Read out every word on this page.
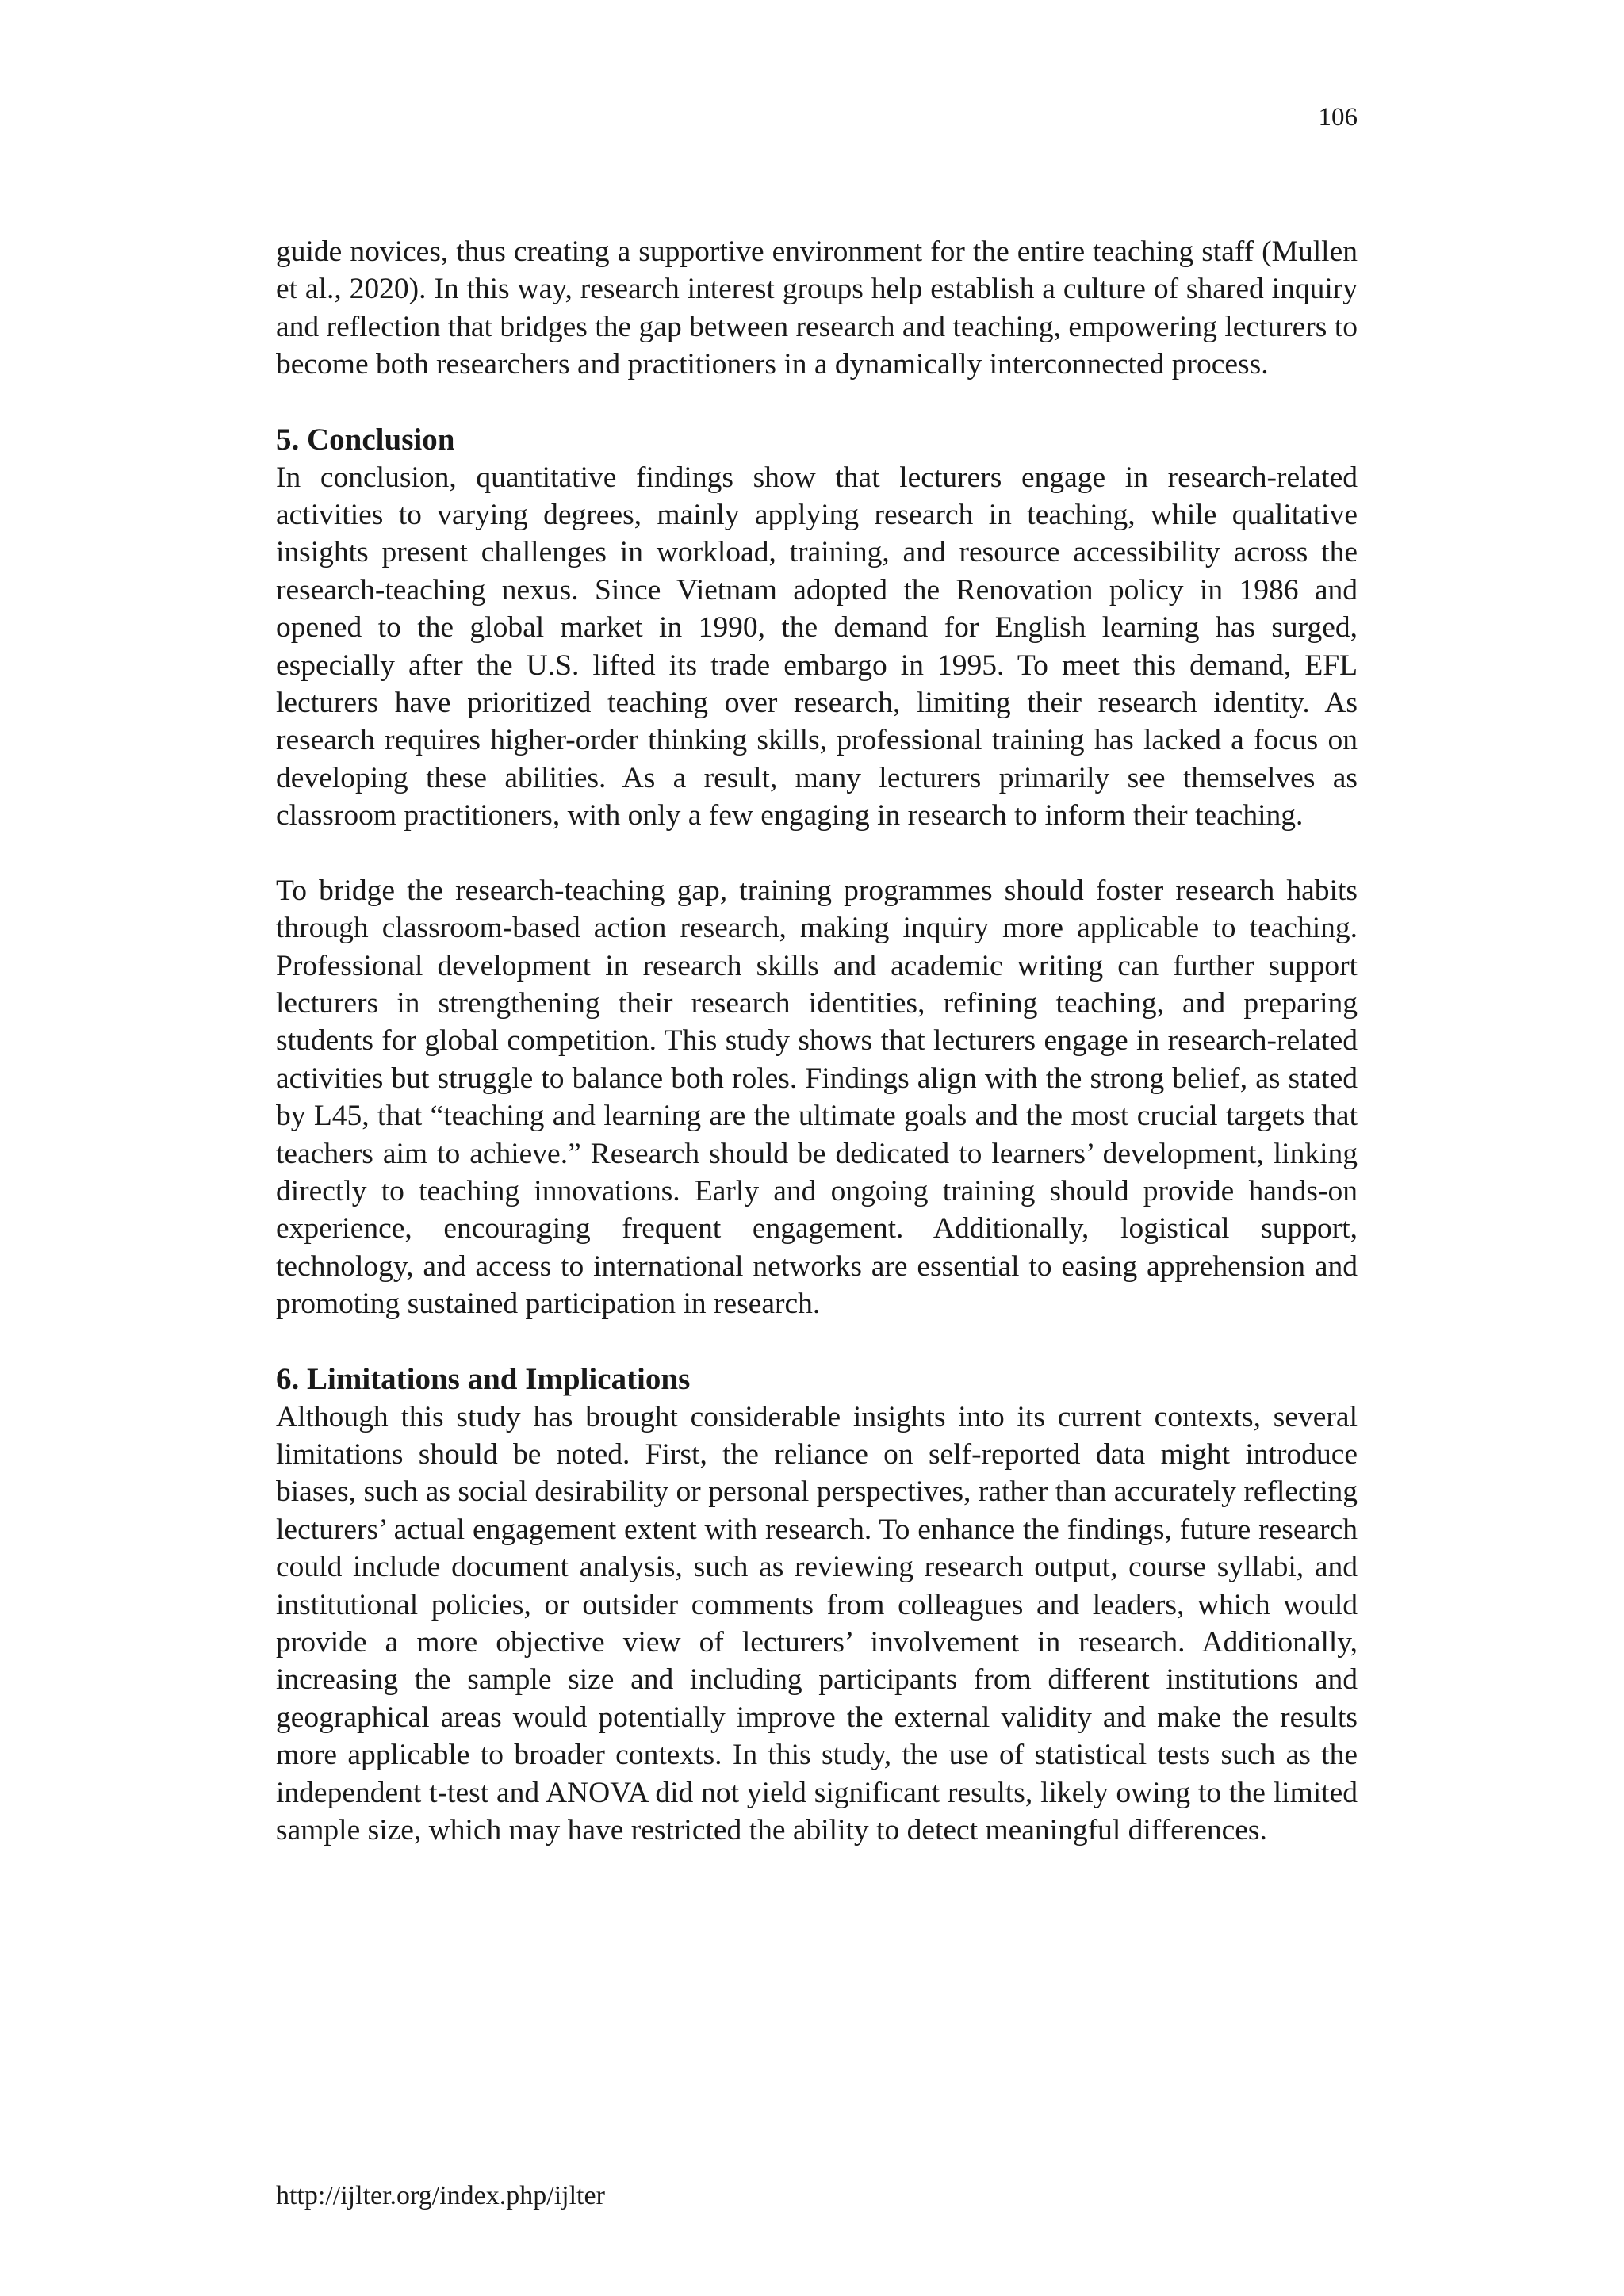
106

guide novices, thus creating a supportive environment for the entire teaching staff (Mullen et al., 2020). In this way, research interest groups help establish a culture of shared inquiry and reflection that bridges the gap between research and teaching, empowering lecturers to become both researchers and practitioners in a dynamically interconnected process.

5. Conclusion

In conclusion, quantitative findings show that lecturers engage in research-related activities to varying degrees, mainly applying research in teaching, while qualitative insights present challenges in workload, training, and resource accessibility across the research-teaching nexus. Since Vietnam adopted the Renovation policy in 1986 and opened to the global market in 1990, the demand for English learning has surged, especially after the U.S. lifted its trade embargo in 1995. To meet this demand, EFL lecturers have prioritized teaching over research, limiting their research identity. As research requires higher-order thinking skills, professional training has lacked a focus on developing these abilities. As a result, many lecturers primarily see themselves as classroom practitioners, with only a few engaging in research to inform their teaching.

To bridge the research-teaching gap, training programmes should foster research habits through classroom-based action research, making inquiry more applicable to teaching. Professional development in research skills and academic writing can further support lecturers in strengthening their research identities, refining teaching, and preparing students for global competition. This study shows that lecturers engage in research-related activities but struggle to balance both roles. Findings align with the strong belief, as stated by L45, that “teaching and learning are the ultimate goals and the most crucial targets that teachers aim to achieve.” Research should be dedicated to learners’ development, linking directly to teaching innovations. Early and ongoing training should provide hands-on experience, encouraging frequent engagement. Additionally, logistical support, technology, and access to international networks are essential to easing apprehension and promoting sustained participation in research.

6. Limitations and Implications

Although this study has brought considerable insights into its current contexts, several limitations should be noted. First, the reliance on self-reported data might introduce biases, such as social desirability or personal perspectives, rather than accurately reflecting lecturers’ actual engagement extent with research. To enhance the findings, future research could include document analysis, such as reviewing research output, course syllabi, and institutional policies, or outsider comments from colleagues and leaders, which would provide a more objective view of lecturers’ involvement in research. Additionally, increasing the sample size and including participants from different institutions and geographical areas would potentially improve the external validity and make the results more applicable to broader contexts. In this study, the use of statistical tests such as the independent t-test and ANOVA did not yield significant results, likely owing to the limited sample size, which may have restricted the ability to detect meaningful differences.

http://ijlter.org/index.php/ijlter
